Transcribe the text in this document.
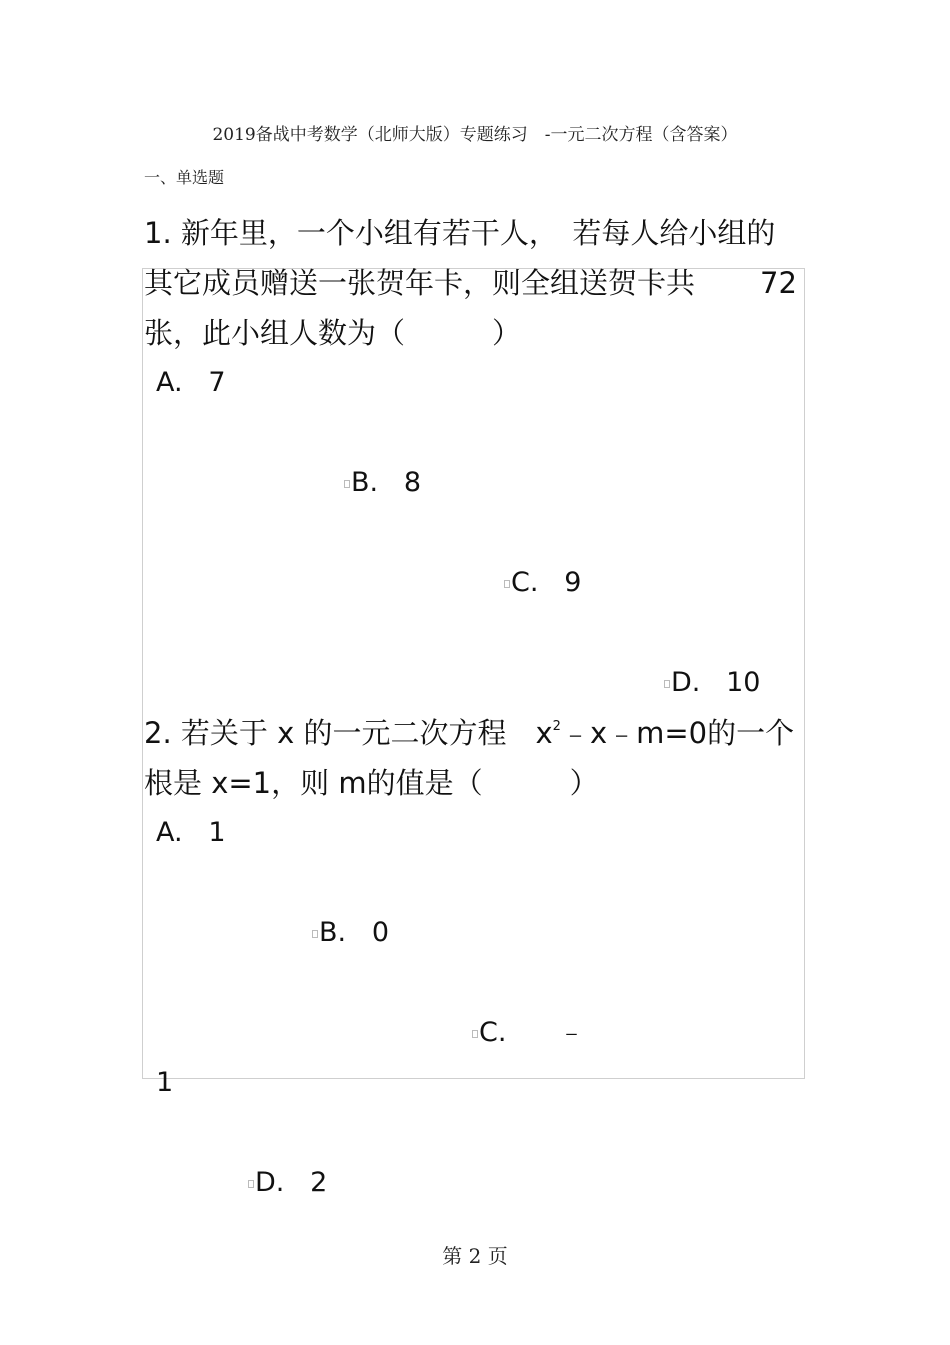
2019备战中考数学（北师大版）专题练习　-一元二次方程（含答案）
一、单选题
1. 新年里，一个小组有若干人，　若每人给小组的
其它成员赠送一张贺年卡，则全组送贺卡共 72
张，此小组人数为（　　　）
A. 7
B. 8
C. 9
D. 10
2. 若关于 x 的一元二次方程　$x^2﹣x﹣m=0$的一个
根是 x=1，则 m的值是（　　　）
A. 1
B. 0
C. ﹣
1
D. 2
第 2 页
